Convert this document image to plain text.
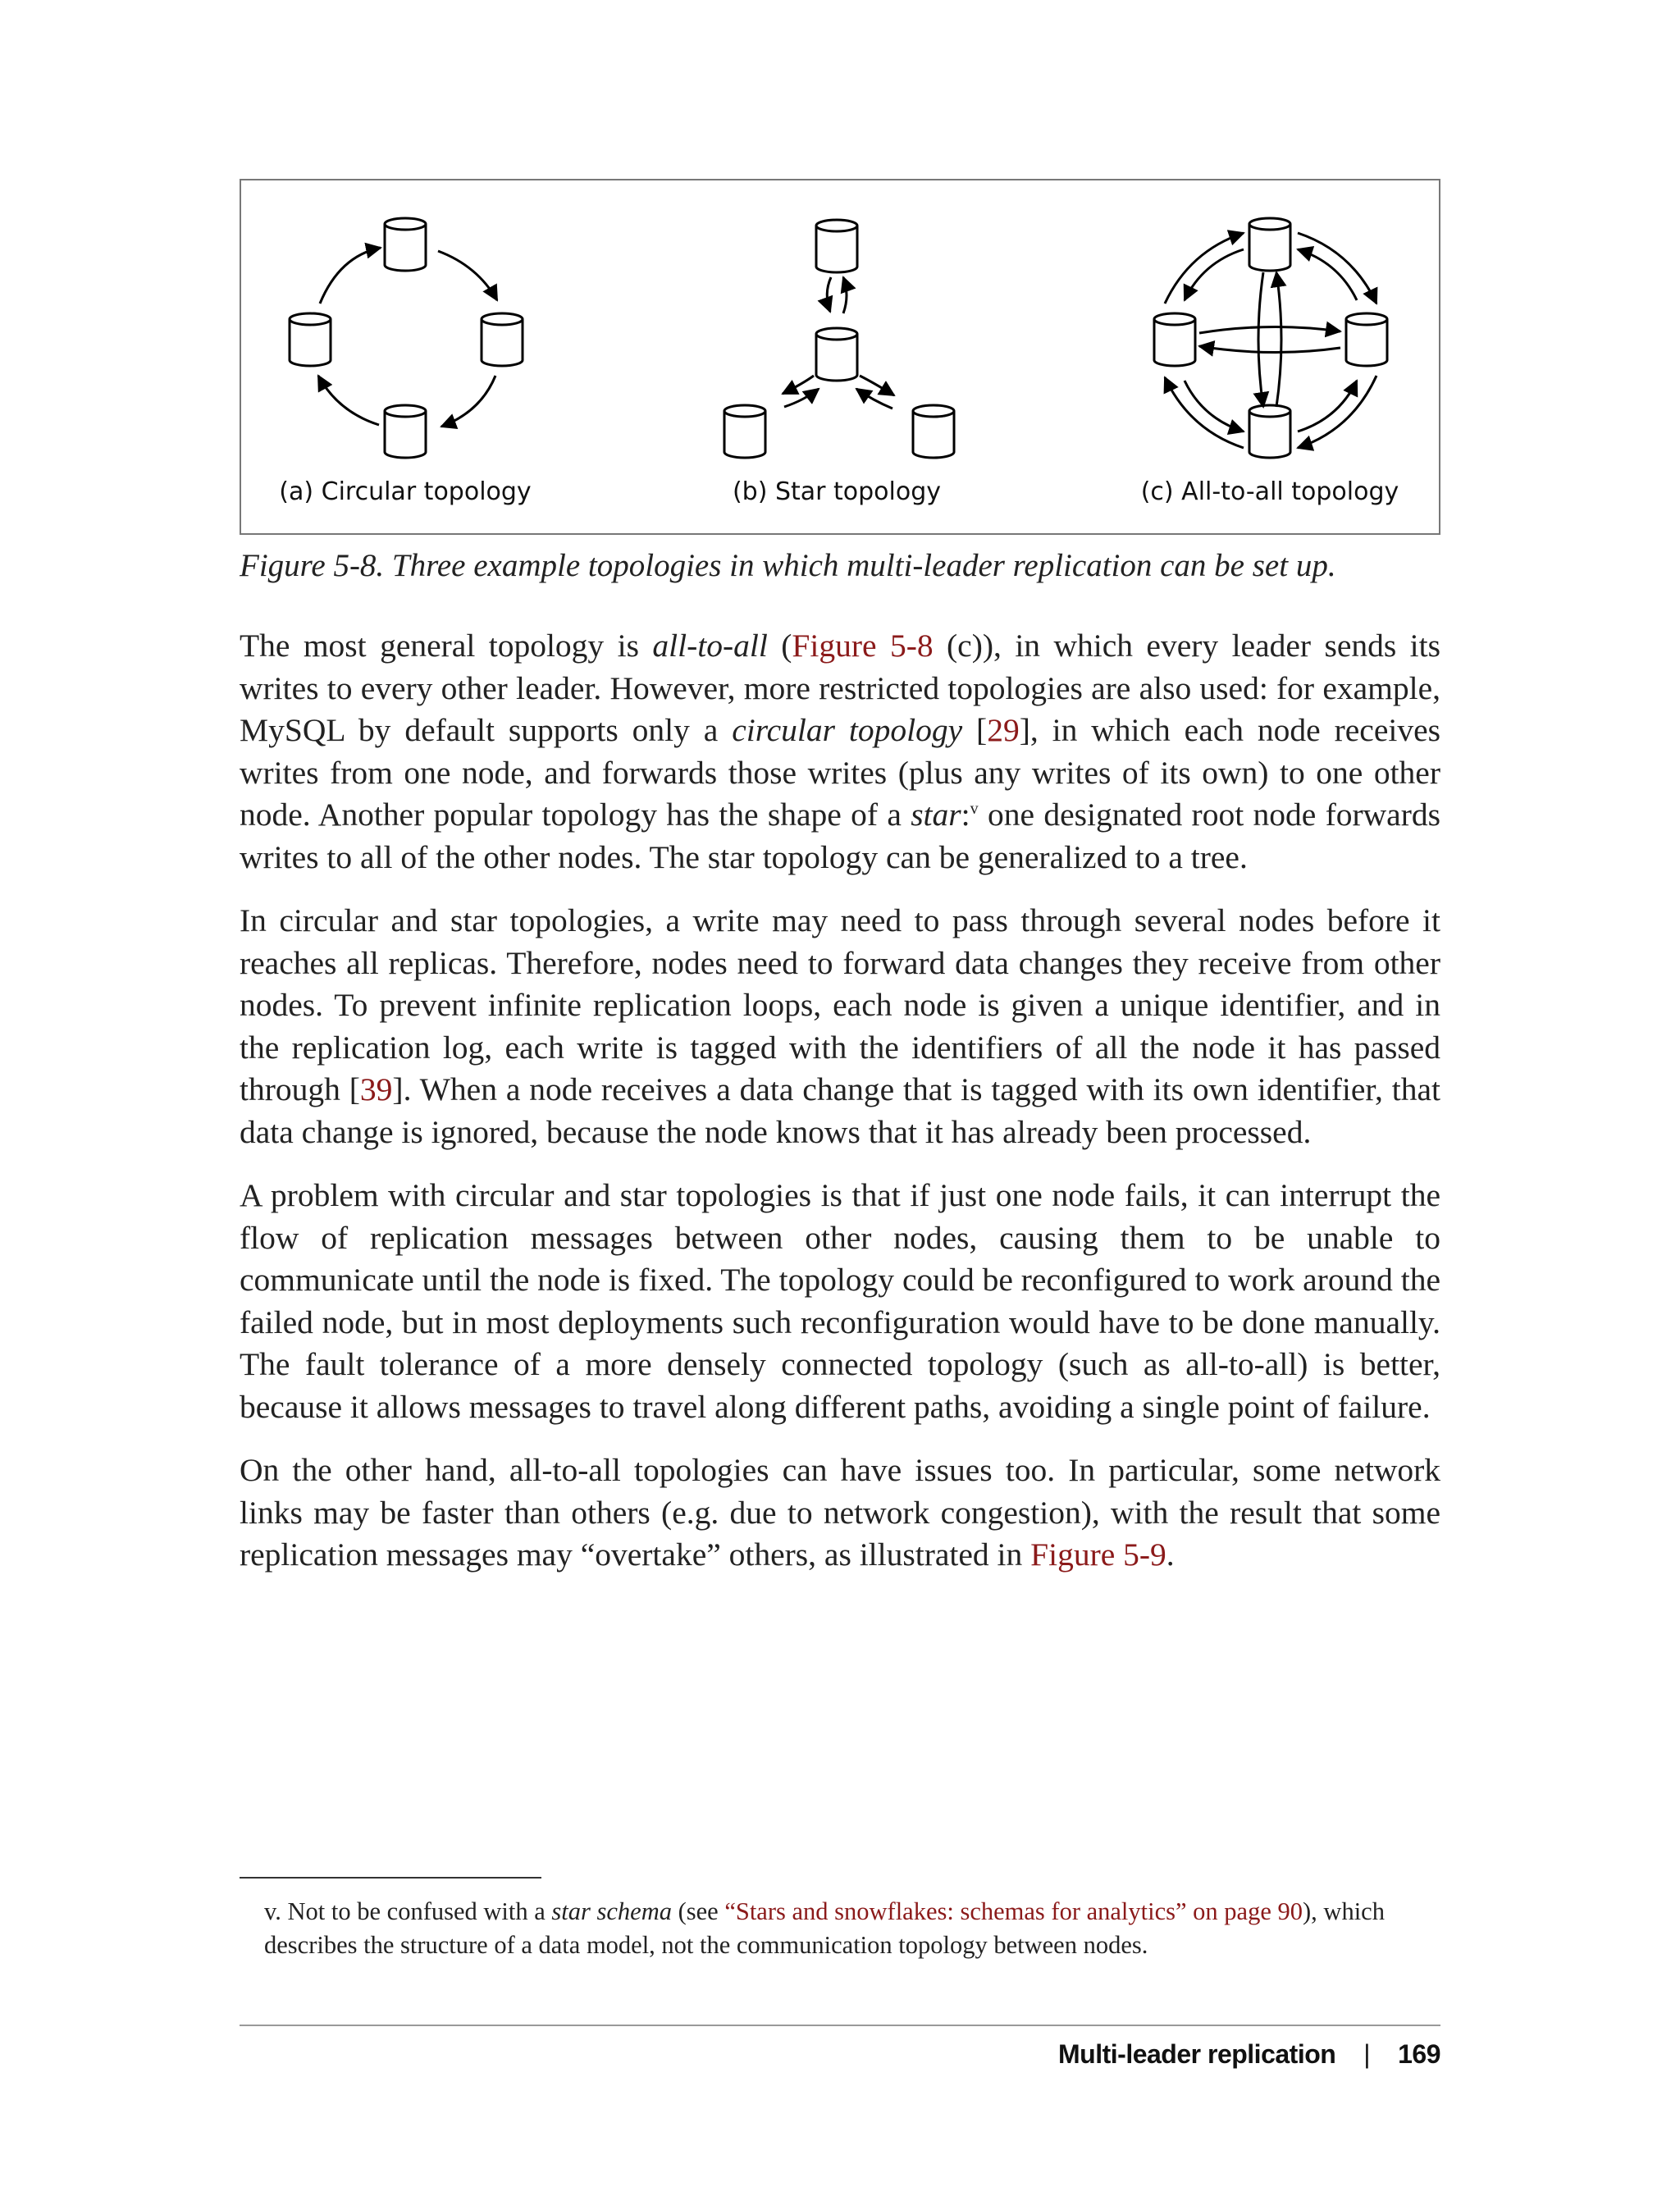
(a) Circular topology	(b) Star topology	(c) All-to-all topology
Figure 5-8. Three example topologies in which multi-leader replication can be set up.

The most general topology is all-to-all (Figure 5-8 (c)), in which every leader sends its writes to every other leader. However, more restricted topologies are also used: for example, MySQL by default supports only a circular topology [29], in which each node receives writes from one node, and forwards those writes (plus any writes of its own) to one other node. Another popular topology has the shape of a star:$^v$ one designated root node forwards writes to all of the other nodes. The star topology can be generalized to a tree.

In circular and star topologies, a write may need to pass through several nodes before it reaches all replicas. Therefore, nodes need to forward data changes they receive from other nodes. To prevent infinite replication loops, each node is given a unique identifier, and in the replication log, each write is tagged with the identifiers of all the node it has passed through [39]. When a node receives a data change that is tagged with its own identifier, that data change is ignored, because the node knows that it has already been processed.

A problem with circular and star topologies is that if just one node fails, it can interrupt the flow of replication messages between other nodes, causing them to be unable to communicate until the node is fixed. The topology could be reconfigured to work around the failed node, but in most deployments such reconfiguration would have to be done manually. The fault tolerance of a more densely connected topology (such as all-to-all) is better, because it allows messages to travel along different paths, avoiding a single point of failure.

On the other hand, all-to-all topologies can have issues too. In particular, some network links may be faster than others (e.g. due to network congestion), with the result that some replication messages may “overtake” others, as illustrated in Figure 5-9.

v. Not to be confused with a star schema (see “Stars and snowflakes: schemas for analytics” on page 90), which describes the structure of a data model, not the communication topology between nodes.
Multi-leader replication | 169
